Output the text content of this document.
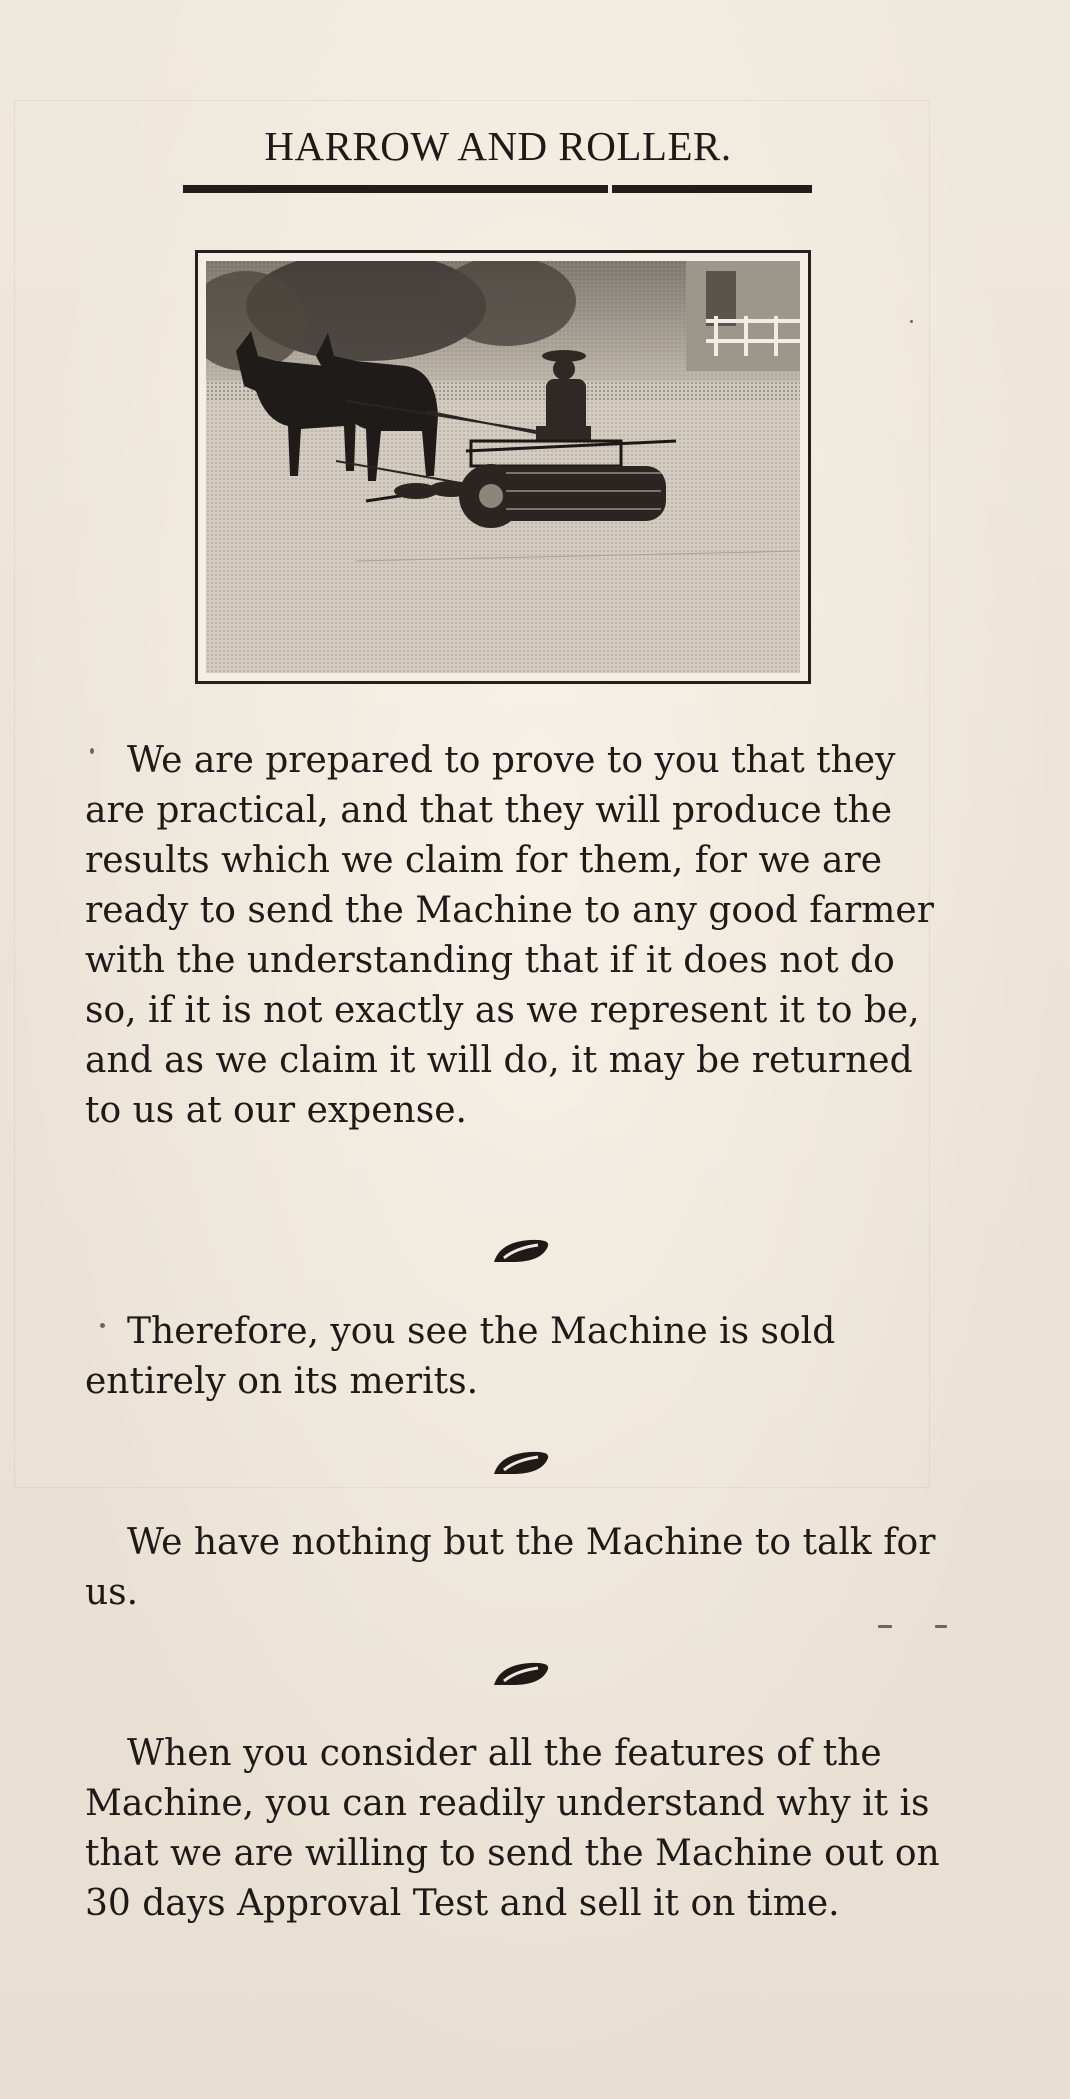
HARROW AND ROLLER.

We are prepared to prove to you that they are practical, and that they will produce the results which we claim for them, for we are ready to send the Machine to any good farmer with the understanding that if it does not do so, if it is not exactly as we represent it to be, and as we claim it will do, it may be returned to us at our expense.

Therefore, you see the Machine is sold entirely on its merits.

We have nothing but the Machine to talk for us.

When you consider all the features of the Machine, you can readily understand why it is that we are willing to send the Machine out on 30 days Approval Test and sell it on time.
